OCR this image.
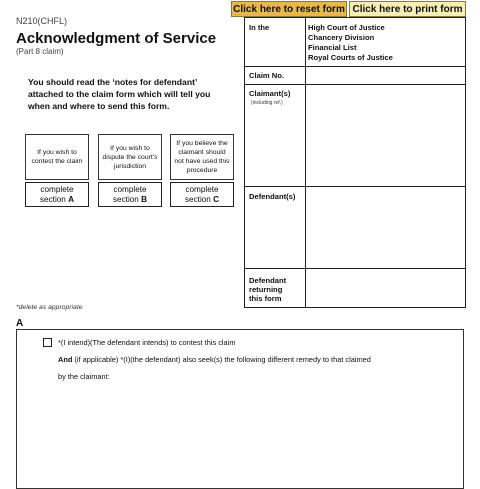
N210(CHFL)
Acknowledgment of Service
(Part 8 claim)
Click here to reset form Click here to print form
You should read the ‘notes for defendant’ attached to the claim form which will tell you when and where to send this form.
If you wish to contest the claim
If you wish to dispute the court's jurisdiction
If you believe the claimant should not have used this procedure
complete
section A
complete
section B
complete
section C
In the	High Court of Justice
Chancery Division
Financial List
Royal Courts of Justice
Claim No.
Claimant(s)
(including ref.)
Defendant(s)
Defendant
returning
this form
*delete as appropriate
A
*(I intend)(The defendant intends) to contest this claim
And (if applicable) *(I)(the defendant) also seek(s) the following different remedy to that claimed
by the claimant:
